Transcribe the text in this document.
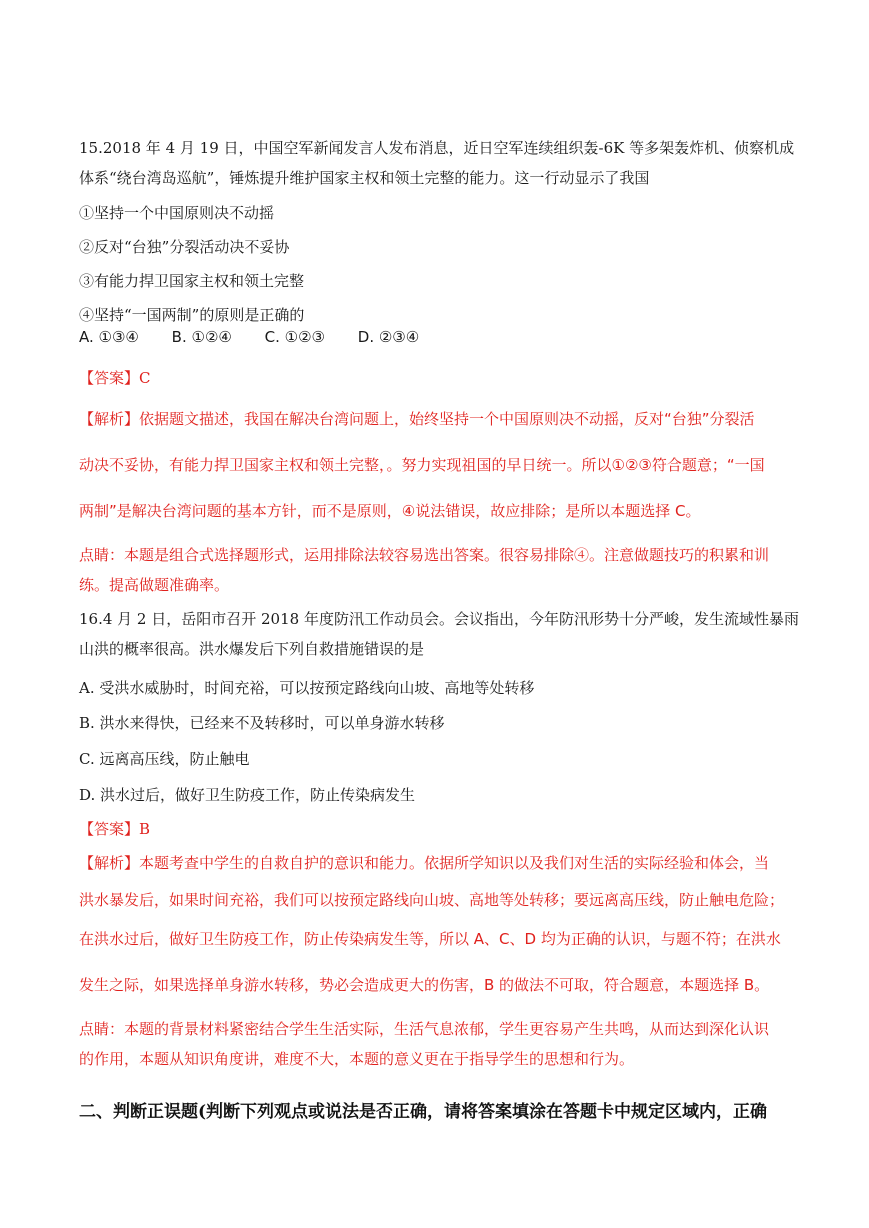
15.2018 年 4 月 19 日，中国空军新闻发言人发布消息，近日空军连续组织轰-6K 等多架轰炸机、侦察机成
体系“绕台湾岛巡航”，锤炼提升维护国家主权和领土完整的能力。这一行动显示了我国
①坚持一个中国原则决不动摇
②反对“台独”分裂活动决不妥协
③有能力捍卫国家主权和领土完整
④坚持“一国两制”的原则是正确的
A. ①③④ B. ①②④ C. ①②③ D. ②③④
【答案】C
【解析】依据题文描述，我国在解决台湾问题上，始终坚持一个中国原则决不动摇，反对“台独”分裂活
动决不妥协，有能力捍卫国家主权和领土完整，。努力实现祖国的早日统一。所以①②③符合题意；“一国
两制”是解决台湾问题的基本方针，而不是原则，④说法错误，故应排除；是所以本题选择 C。
点睛：本题是组合式选择题形式，运用排除法较容易选出答案。很容易排除④。注意做题技巧的积累和训
练。提高做题准确率。
16.4 月 2 日，岳阳市召开 2018 年度防汛工作动员会。会议指出，今年防汛形势十分严峻，发生流域性暴雨
山洪的概率很高。洪水爆发后下列自救措施错误的是
A. 受洪水威胁时，时间充裕，可以按预定路线向山坡、高地等处转移
B. 洪水来得快，已经来不及转移时，可以单身游水转移
C. 远离高压线，防止触电
D. 洪水过后，做好卫生防疫工作，防止传染病发生
【答案】B
【解析】本题考查中学生的自救自护的意识和能力。依据所学知识以及我们对生活的实际经验和体会，当
洪水暴发后，如果时间充裕，我们可以按预定路线向山坡、高地等处转移；要远离高压线，防止触电危险；
在洪水过后，做好卫生防疫工作，防止传染病发生等，所以 A、C、D 均为正确的认识，与题不符；在洪水
发生之际，如果选择单身游水转移，势必会造成更大的伤害，B 的做法不可取，符合题意，本题选择 B。
点睛：本题的背景材料紧密结合学生生活实际，生活气息浓郁，学生更容易产生共鸣，从而达到深化认识
的作用，本题从知识角度讲，难度不大，本题的意义更在于指导学生的思想和行为。
二、判断正误题(判断下列观点或说法是否正确，请将答案填涂在答题卡中规定区域内，正确
